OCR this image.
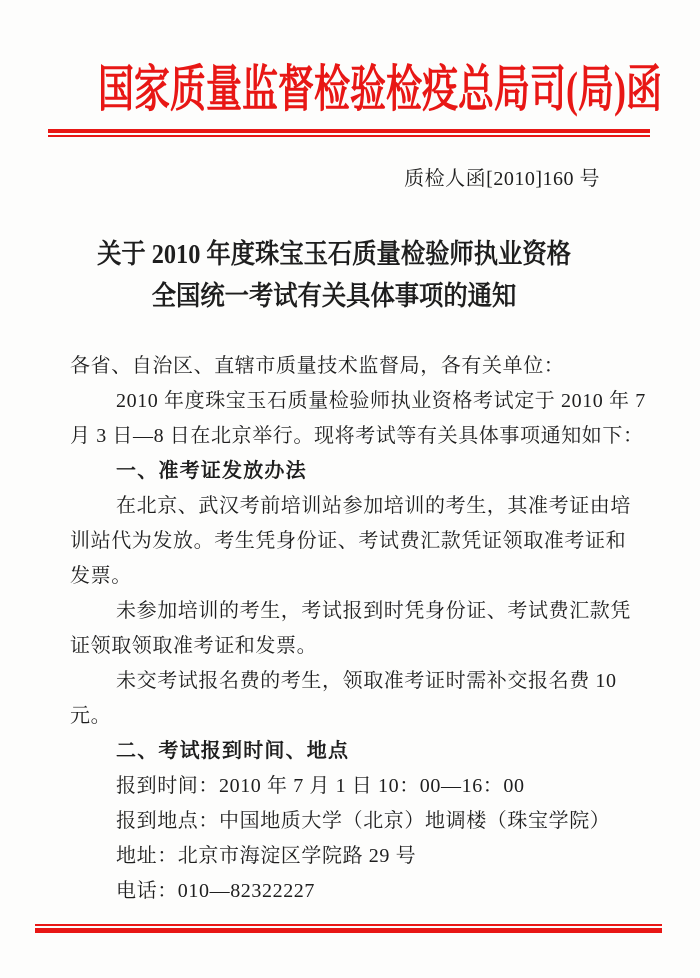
国家质量监督检验检疫总局司(局)函
质检人函[2010]160 号
关于 2010 年度珠宝玉石质量检验师执业资格
全国统一考试有关具体事项的通知
各省、自治区、直辖市质量技术监督局，各有关单位：
2010 年度珠宝玉石质量检验师执业资格考试定于 2010 年 7
月 3 日—8 日在北京举行。现将考试等有关具体事项通知如下：
一、准考证发放办法
在北京、武汉考前培训站参加培训的考生，其准考证由培
训站代为发放。考生凭身份证、考试费汇款凭证领取准考证和
发票。
未参加培训的考生，考试报到时凭身份证、考试费汇款凭
证领取领取准考证和发票。
未交考试报名费的考生，领取准考证时需补交报名费 10
元。
二、考试报到时间、地点
报到时间：2010 年 7 月 1 日 10：00—16：00
报到地点：中国地质大学（北京）地调楼（珠宝学院）
地址：北京市海淀区学院路 29 号
电话：010—82322227
